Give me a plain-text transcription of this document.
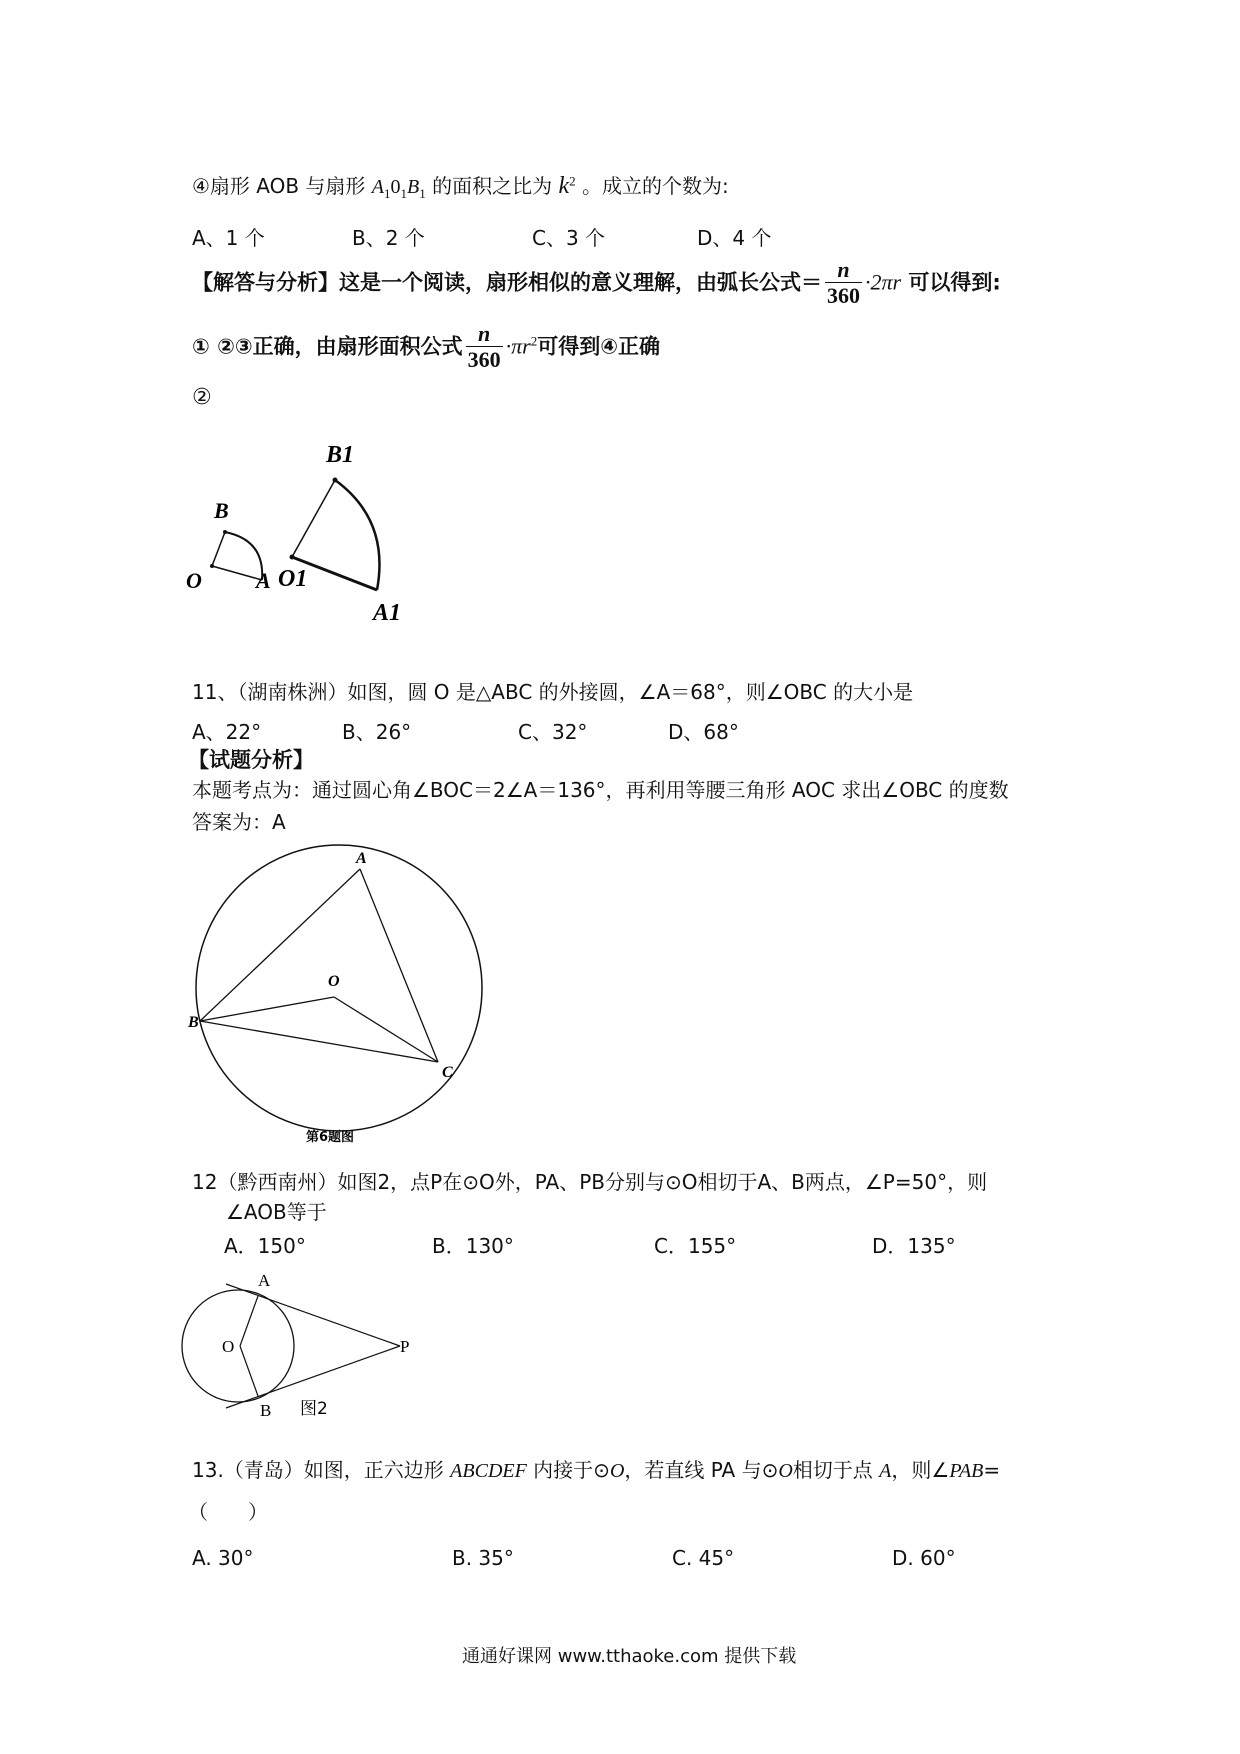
④扇形 AOB 与扇形 $A_10_1B_1$ 的面积之比为 $k^2$ 。成立的个数为:
A、1 个	B、2 个	C、3 个	D、4 个
【解答与分析】这是一个阅读，扇形相似的意义理解，由弧长公式＝ $\frac{n}{360} \cdot 2\pi r$ 可以得到:
① ②③正确，由扇形面积公式 $\frac{n}{360} \cdot\pi r^2$可得到④正确
②
B1
B
O A O1
A1
11、（湖南株洲）如图，圆 O 是△ABC 的外接圆，∠A＝68°，则∠OBC 的大小是
A、22°	B、26°	C、32°	D、68°
【试题分析】
本题考点为：通过圆心角∠BOC＝2∠A＝136°，再利用等腰三角形 AOC 求出∠OBC 的度数
答案为：A
A
O
B
C
第6题图
12（黔西南州）如图2，点P在⊙O外，PA、PB分别与⊙O相切于A、B两点，∠P=50°，则
∠AOB等于
A．150°	B．130°	C．155°	D．135°
A
O	P
B 图2
13.（青岛）如图，正六边形 ABCDEF 内接于⊙O，若直线 PA 与⊙O相切于点 A，则∠PAB=
（　　）
A. 30°	B. 35°	C. 45°	D. 60°
通通好课网 www.tthaoke.com 提供下载
